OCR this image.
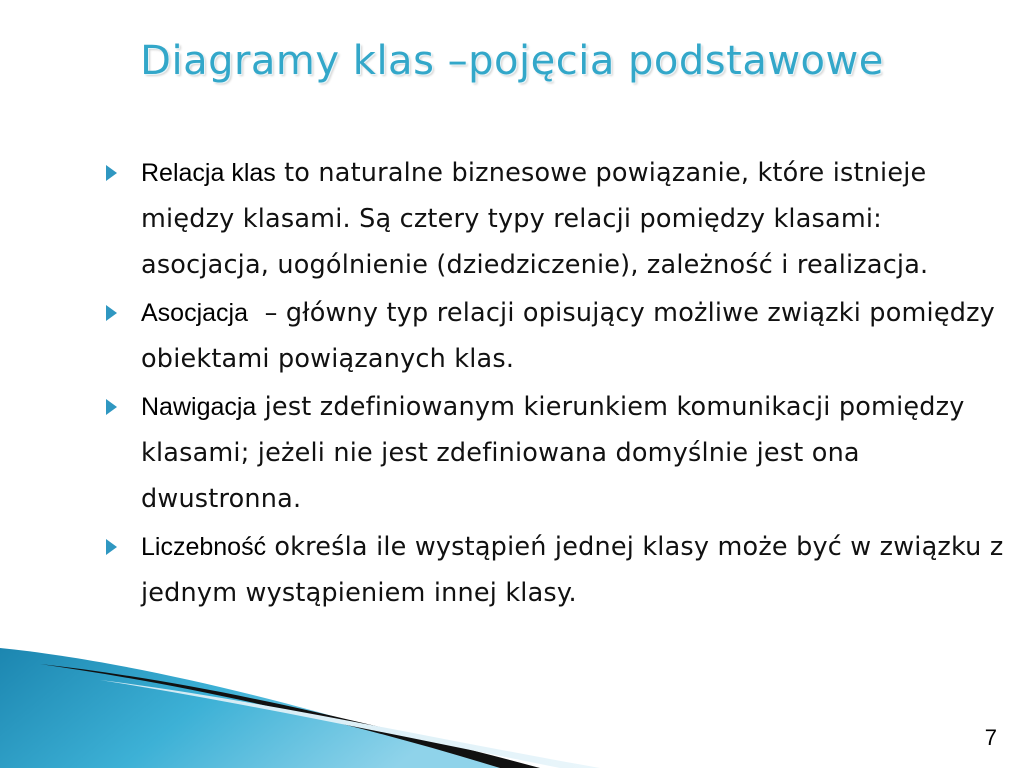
Diagramy klas –pojęcia podstawowe
Relacja klas to naturalne biznesowe powiązanie, które istnieje między klasami. Są cztery typy relacji pomiędzy klasami: asocjacja, uogólnienie (dziedziczenie), zależność i realizacja.
Asocjacja  – główny typ relacji opisujący możliwe związki pomiędzy obiektami powiązanych klas.
Nawigacja jest zdefiniowanym kierunkiem komunikacji pomiędzy klasami; jeżeli nie jest zdefiniowana domyślnie jest ona dwustronna.
Liczebność określa ile wystąpień jednej klasy może być w związku z jednym wystąpieniem innej klasy.
7
